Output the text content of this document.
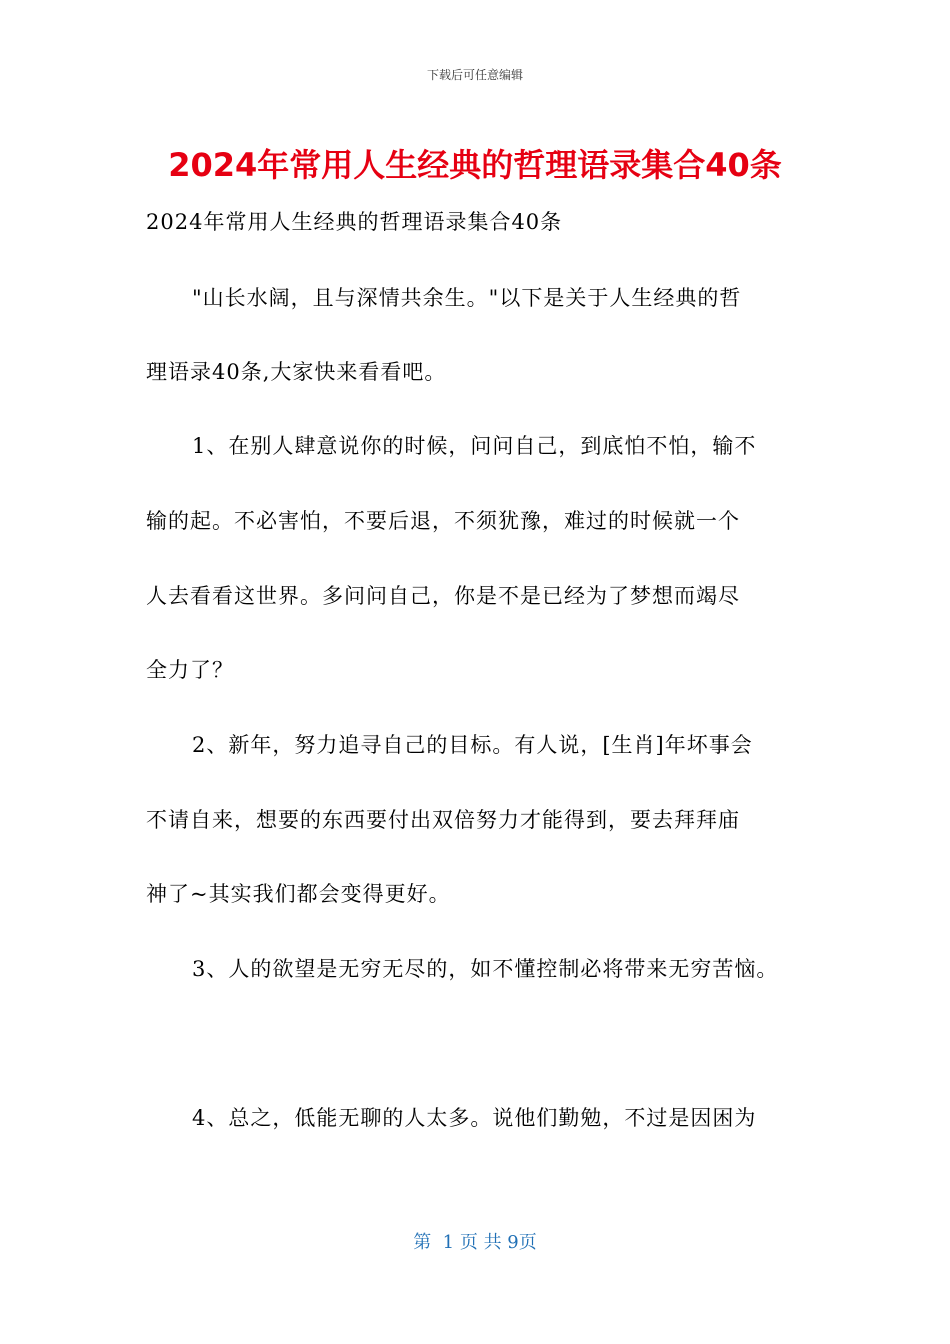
下载后可任意编辑
2024年常用人生经典的哲理语录集合40条
2024年常用人生经典的哲理语录集合40条
"山长水阔，且与深情共余生。"以下是关于人生经典的哲
理语录40条,大家快来看看吧。
1、在别人肆意说你的时候，问问自己，到底怕不怕，输不
输的起。不必害怕，不要后退，不须犹豫，难过的时候就一个
人去看看这世界。多问问自己，你是不是已经为了梦想而竭尽
全力了？
2、新年，努力追寻自己的目标。有人说，[生肖]年坏事会
不请自来，想要的东西要付出双倍努力才能得到，要去拜拜庙
神了~其实我们都会变得更好。
3、人的欲望是无穷无尽的，如不懂控制必将带来无穷苦恼。
4、总之，低能无聊的人太多。说他们勤勉，不过是因困为
第  1 页 共 9页
